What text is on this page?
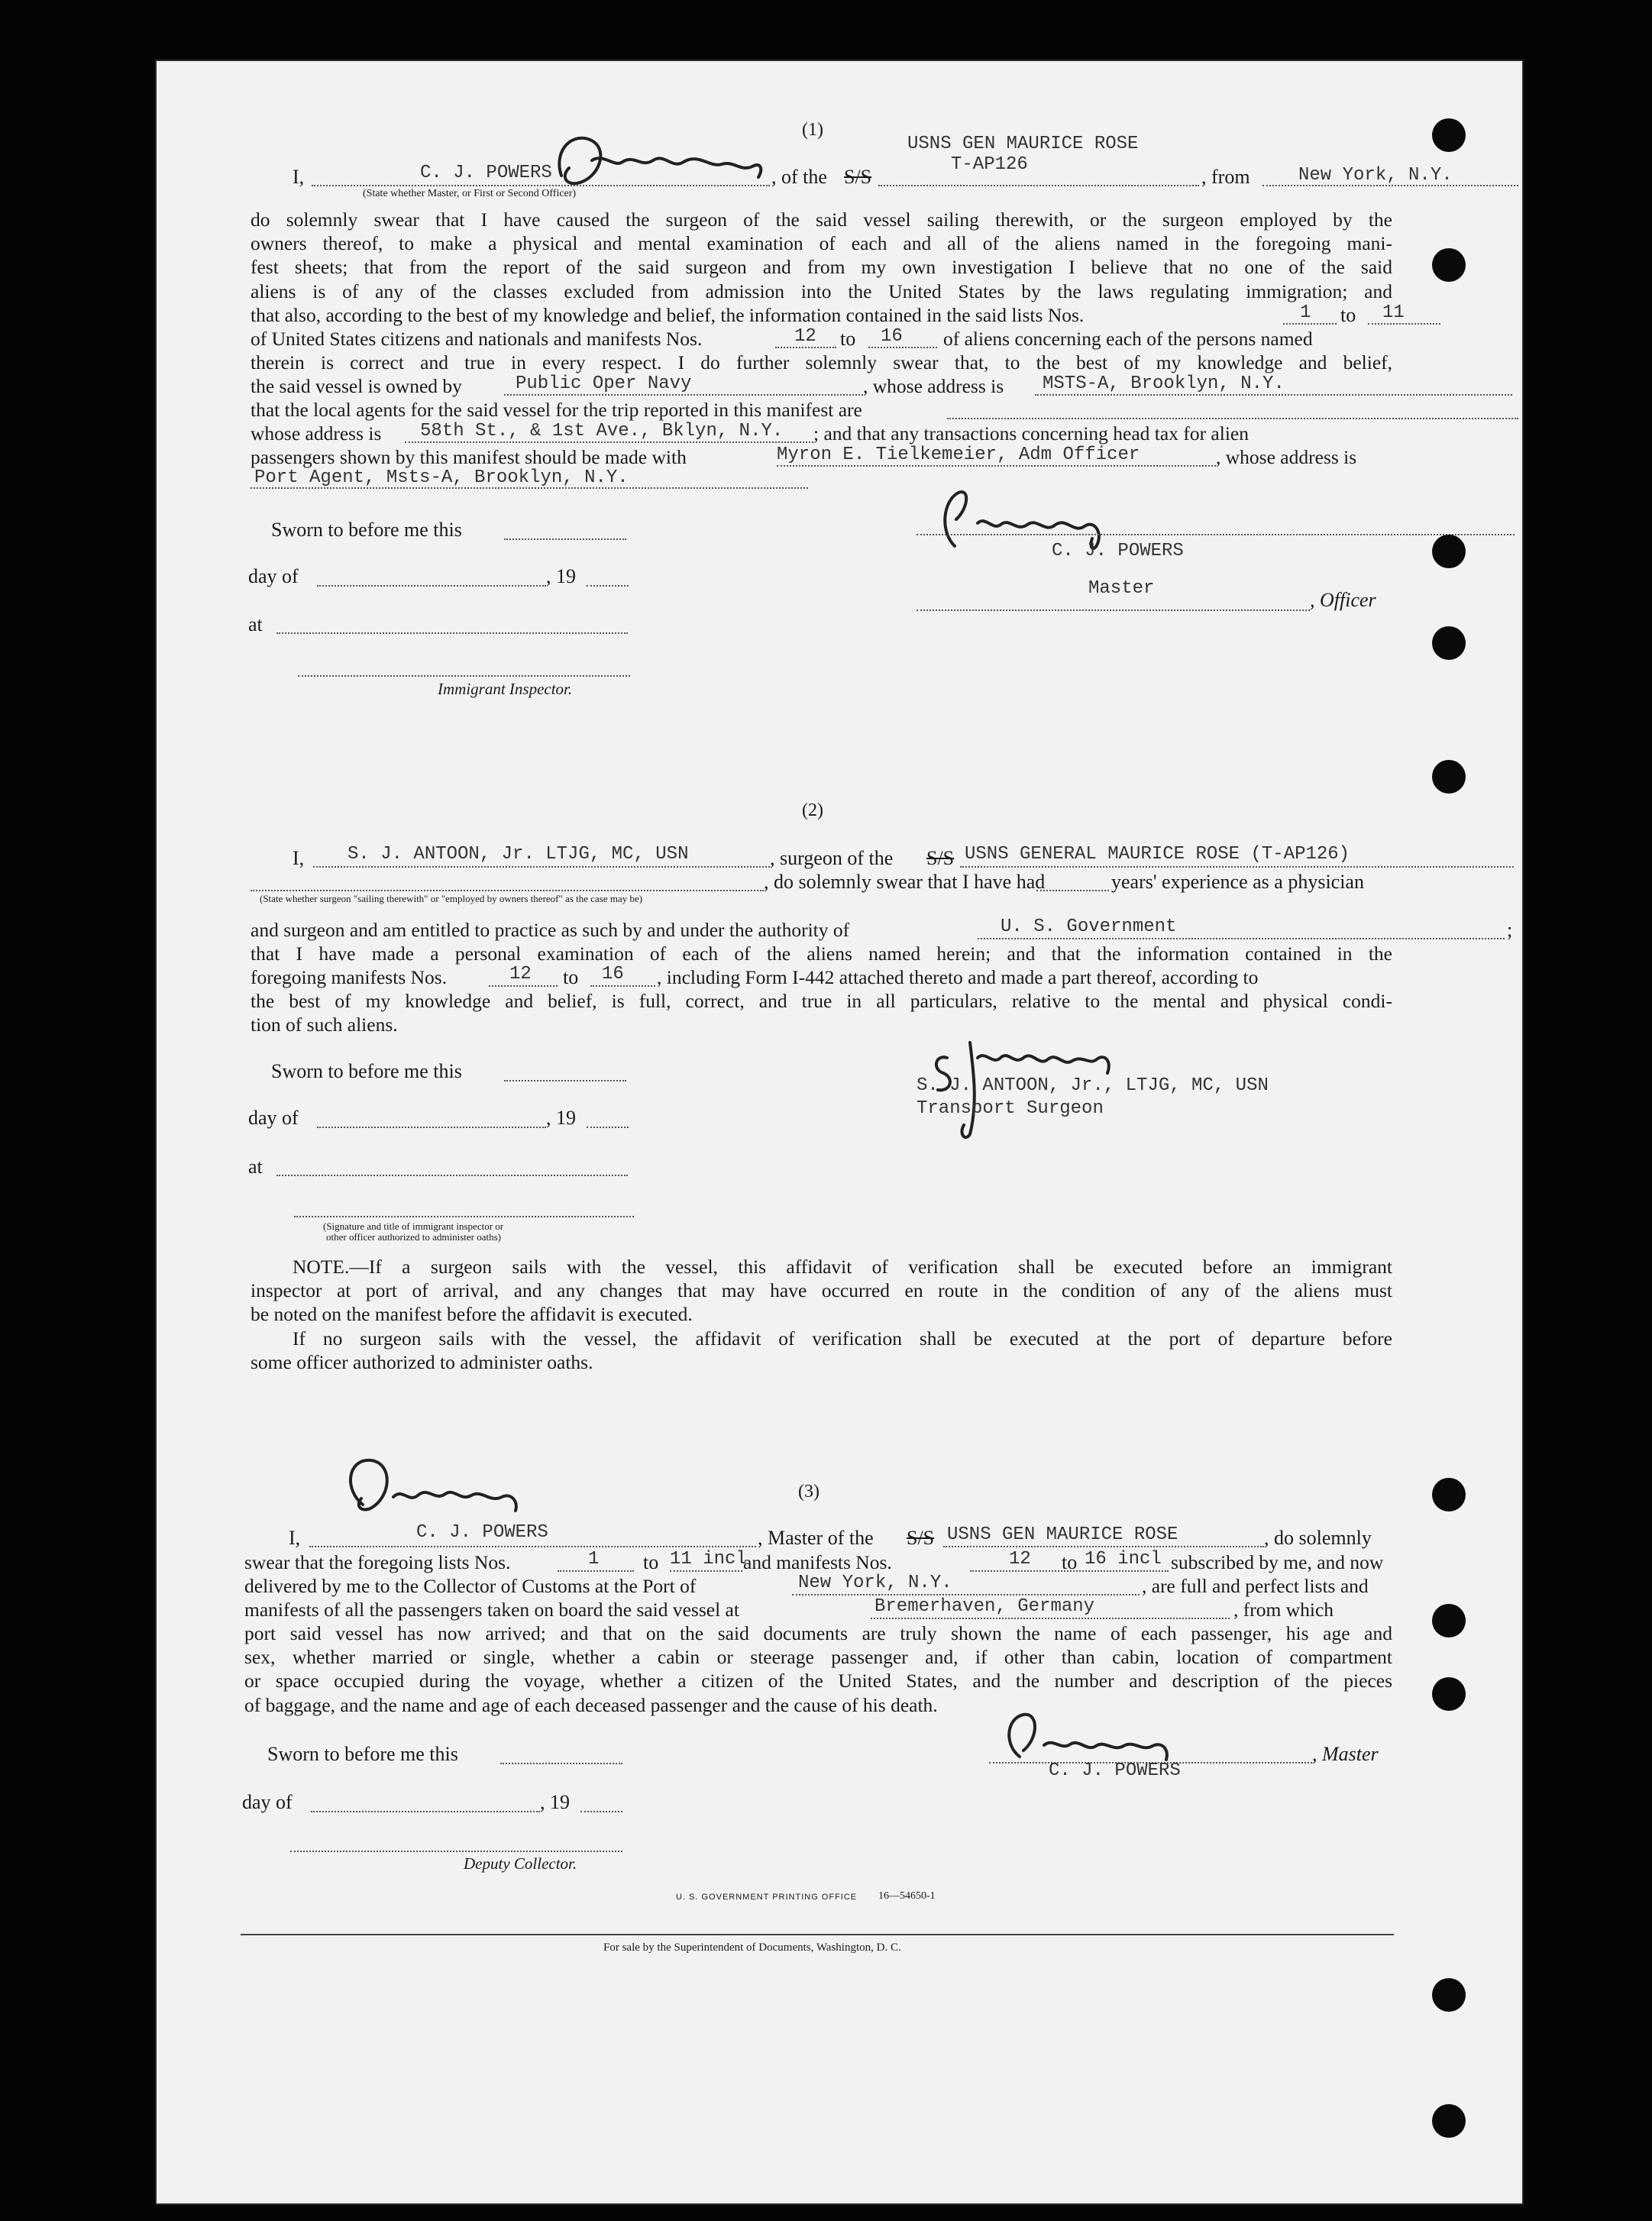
(1)
USNS GEN MAURICE ROSE
T-AP126
I,	C. J. POWERS	, of the S/S	, from	New York, N.Y.
(State whether Master, or First or Second Officer)
do solemnly swear that I have caused the surgeon of the said vessel sailing therewith, or the surgeon employed by the
owners thereof, to make a physical and mental examination of each and all of the aliens named in the foregoing mani-
fest sheets; that from the report of the said surgeon and from my own investigation I believe that no one of the said
aliens is of any of the classes excluded from admission into the United States by the laws regulating immigration; and
that also, according to the best of my knowledge and belief, the information contained in the said lists Nos.	1 to 11
of United States citizens and nationals and manifests Nos.	12 to 16 of aliens concerning each of the persons named
therein is correct and true in every respect. I do further solemnly swear that, to the best of my knowledge and belief,
the said vessel is owned by	Public Oper Navy	, whose address is MSTS-A, Brooklyn, N.Y.
that the local agents for the said vessel for the trip reported in this manifest are
whose address is 58th St., & 1st Ave., Bklyn, N.Y. ; and that any transactions concerning head tax for alien
passengers shown by this manifest should be made with	Myron E. Tielkemeier, Adm Officer	, whose address is
Port Agent, Msts-A, Brooklyn, N.Y.
Sworn to before me this
day of	, 19
at
Immigrant Inspector.
C. J. POWERS
Master
, Officer
(2)
I, S. J. ANTOON, Jr. LTJG, MC, USN	, surgeon of the S/S USNS GENERAL MAURICE ROSE (T-AP126)
, do solemnly swear that I have had	years' experience as a physician
(State whether surgeon "sailing therewith" or "employed by owners thereof" as the case may be)
and surgeon and am entitled to practice as such by and under the authority of	U. S. Government	;
that I have made a personal examination of each of the aliens named herein; and that the information contained in the
foregoing manifests Nos.	12 to 16 , including Form I-442 attached thereto and made a part thereof, according to
the best of my knowledge and belief, is full, correct, and true in all particulars, relative to the mental and physical condi-
tion of such aliens.
Sworn to before me this
day of	, 19
at
(Signature and title of immigrant inspector or
other officer authorized to administer oaths)
S. J. ANTOON, Jr., LTJG, MC, USN
Transport Surgeon
NOTE.—If a surgeon sails with the vessel, this affidavit of verification shall be executed before an immigrant
inspector at port of arrival, and any changes that may have occurred en route in the condition of any of the aliens must
be noted on the manifest before the affidavit is executed.
If no surgeon sails with the vessel, the affidavit of verification shall be executed at the port of departure before
some officer authorized to administer oaths.
(3)
I,	C. J. POWERS	, Master of the S/S USNS GEN MAURICE ROSE	, do solemnly
swear that the foregoing lists Nos.	1 to 11 incl
and manifests Nos.	12 to 16 incl subscribed by me, and now
delivered by me to the Collector of Customs at the Port of	New York, N.Y.	, are full and perfect lists and
manifests of all the passengers taken on board the said vessel at	Bremerhaven, Germany	, from which
port said vessel has now arrived; and that on the said documents are truly shown the name of each passenger, his age and
sex, whether married or single, whether a cabin or steerage passenger and, if other than cabin, location of compartment
or space occupied during the voyage, whether a citizen of the United States, and the number and description of the pieces
of baggage, and the name and age of each deceased passenger and the cause of his death.
Sworn to before me this	, Master
C. J. POWERS
day of	, 19
Deputy Collector.
U. S. GOVERNMENT PRINTING OFFICE 16—54650-1
For sale by the Superintendent of Documents, Washington, D. C.
